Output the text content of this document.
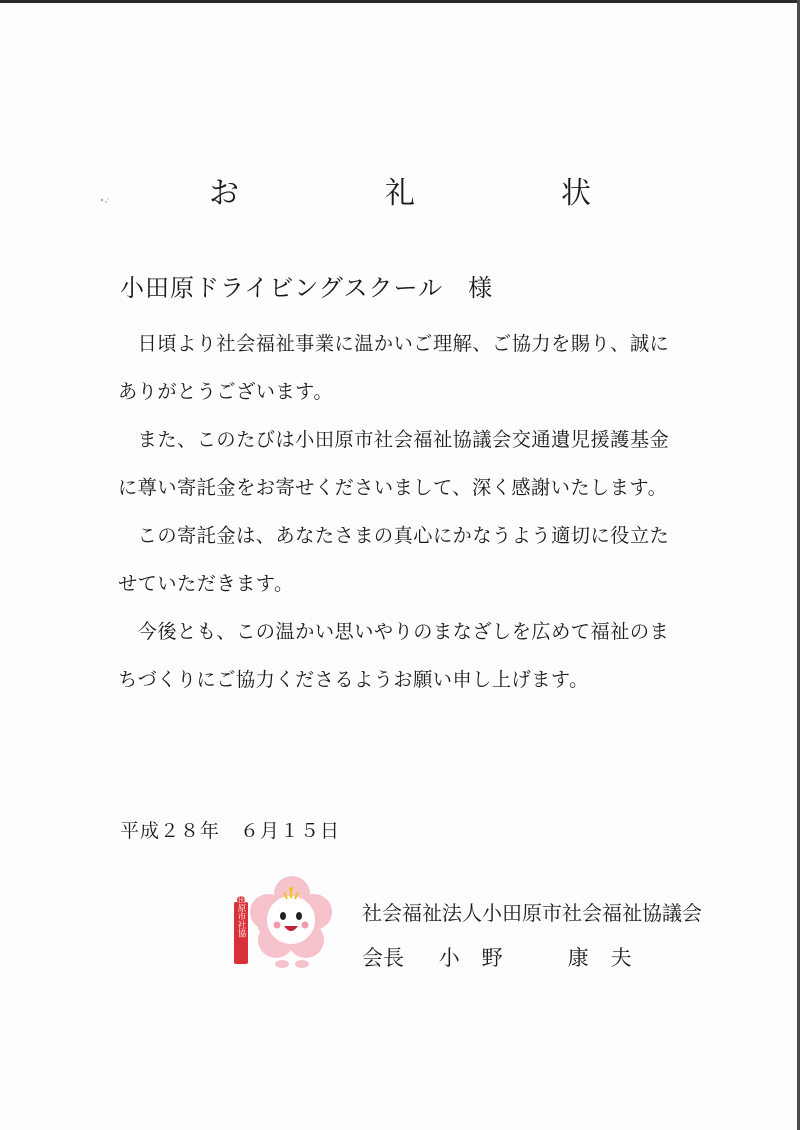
お　礼　状
小田原ドライビングスクール　様
　日頃より社会福祉事業に温かいご理解、ご協力を賜り、誠に
ありがとうございます。
　また、このたびは小田原市社会福祉協議会交通遺児援護基金
に尊い寄託金をお寄せくださいまして、深く感謝いたします。
　この寄託金は、あなたさまの真心にかなうよう適切に役立た
せていただきます。
　今後とも、この温かい思いやりのまなざしを広めて福祉のま
ちづくりにご協力くださるようお願い申し上げます。
平成２８年　６月１５日
小田原市社協	社会福祉法人小田原市社会福祉協議会
会長 小野　康夫
